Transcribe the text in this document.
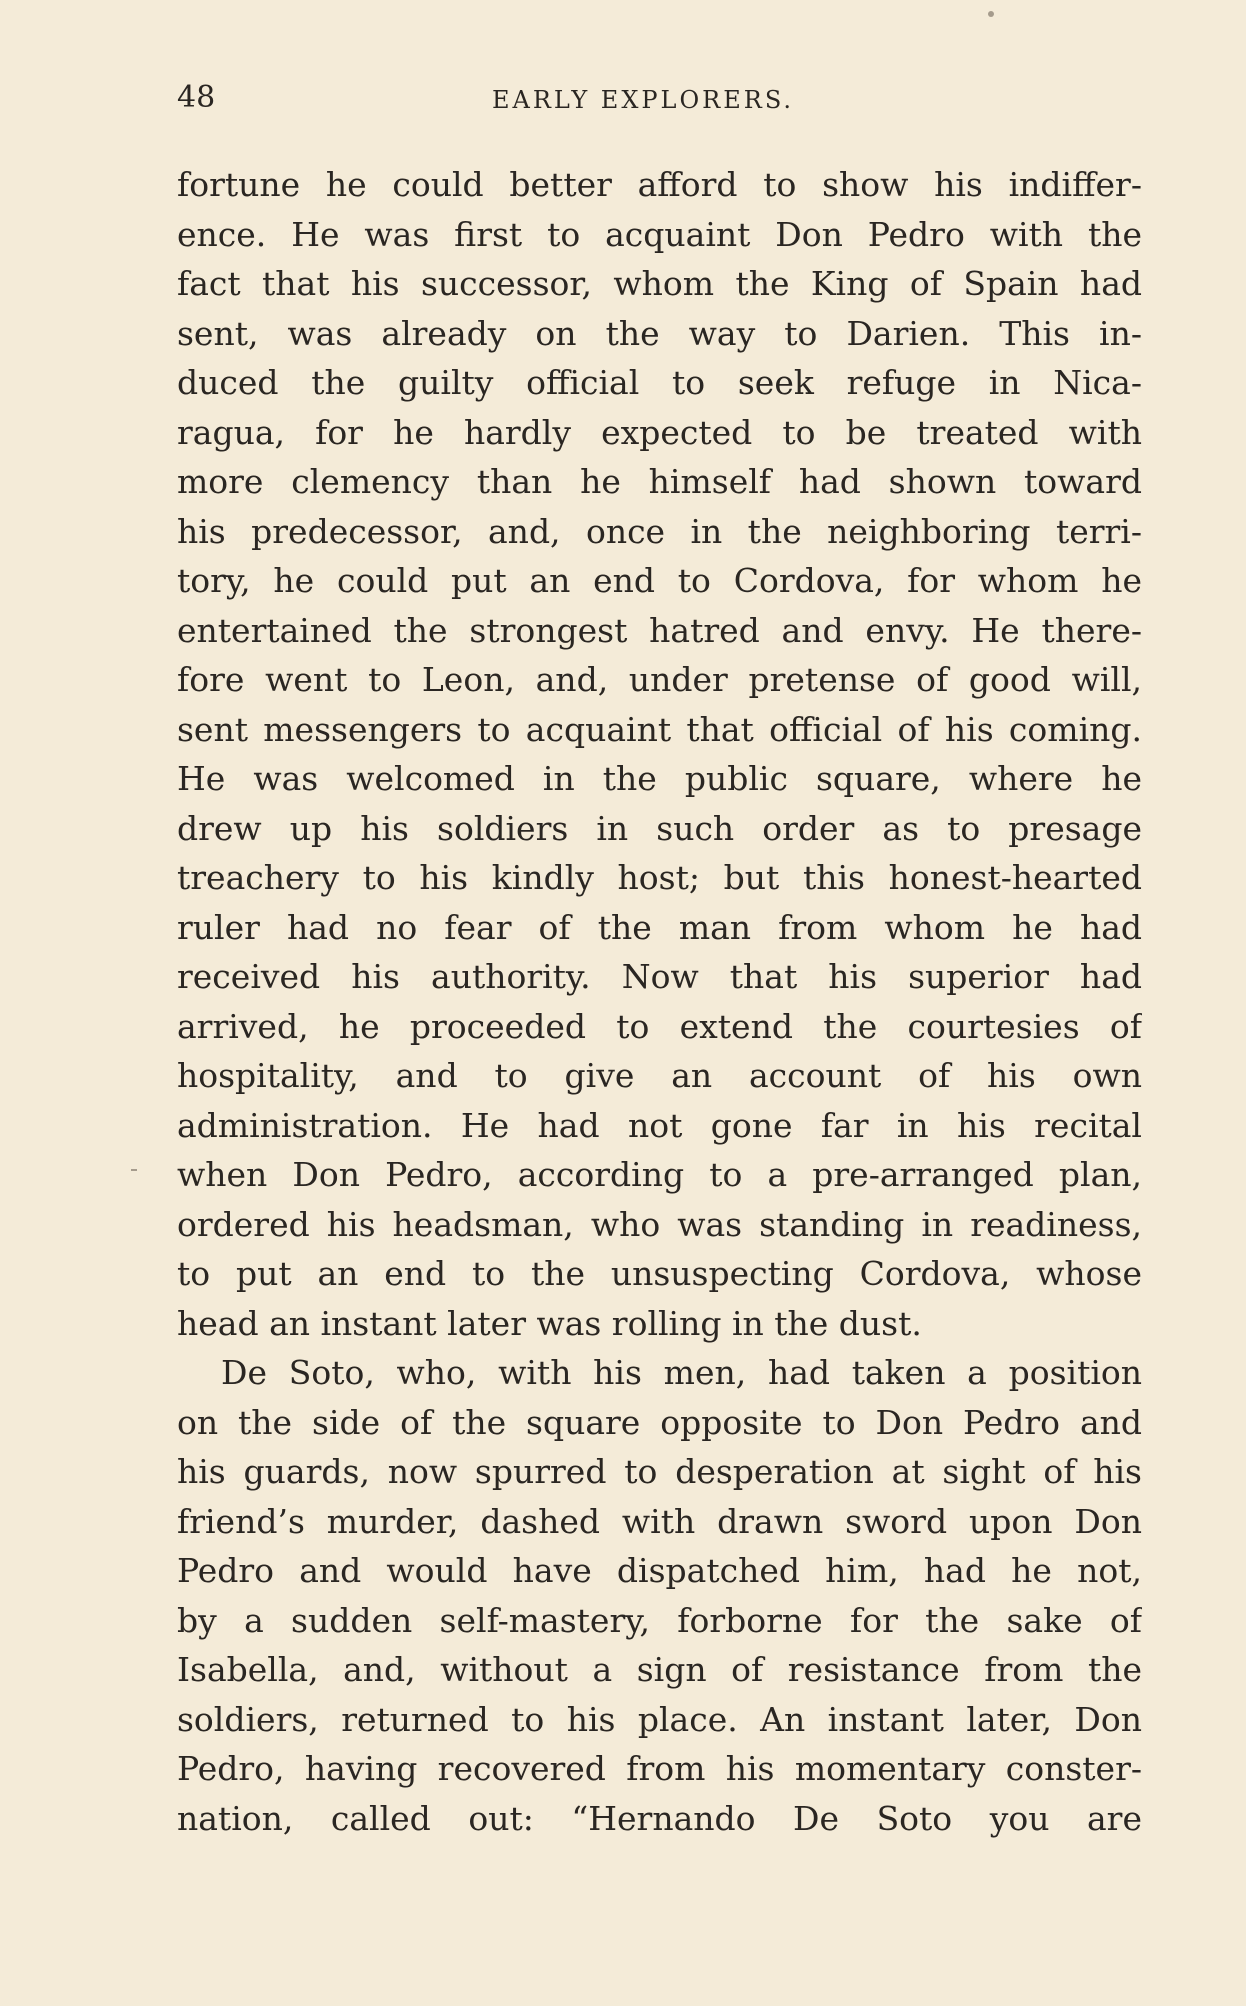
48	EARLY EXPLORERS.
fortune he could better afford to show his indiffer-
ence. He was first to acquaint Don Pedro with the
fact that his successor, whom the King of Spain had
sent, was already on the way to Darien. This in-
duced the guilty official to seek refuge in Nica-
ragua, for he hardly expected to be treated with
more clemency than he himself had shown toward
his predecessor, and, once in the neighboring terri-
tory, he could put an end to Cordova, for whom he
entertained the strongest hatred and envy. He there-
fore went to Leon, and, under pretense of good will,
sent messengers to acquaint that official of his coming.
He was welcomed in the public square, where he
drew up his soldiers in such order as to presage
treachery to his kindly host; but this honest-hearted
ruler had no fear of the man from whom he had
received his authority. Now that his superior had
arrived, he proceeded to extend the courtesies of
hospitality, and to give an account of his own
administration. He had not gone far in his recital
when Don Pedro, according to a pre-arranged plan,
ordered his headsman, who was standing in readiness,
to put an end to the unsuspecting Cordova, whose
head an instant later was rolling in the dust.
De Soto, who, with his men, had taken a position
on the side of the square opposite to Don Pedro and
his guards, now spurred to desperation at sight of his
friend’s murder, dashed with drawn sword upon Don
Pedro and would have dispatched him, had he not,
by a sudden self-mastery, forborne for the sake of
Isabella, and, without a sign of resistance from the
soldiers, returned to his place. An instant later, Don
Pedro, having recovered from his momentary conster-
nation, called out: “Hernando De Soto you are
